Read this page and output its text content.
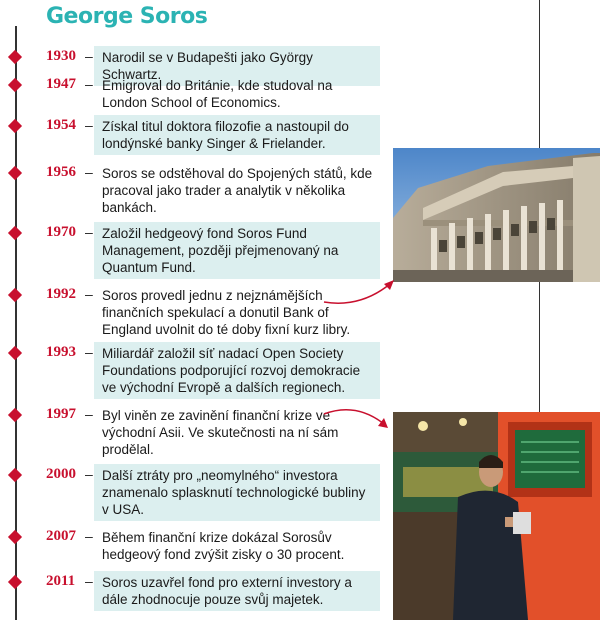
George Soros
1930 – Narodil se v Budapešti jako György Schwartz.
1947 – Emigroval do Británie, kde studoval na London School of Economics.
1954 – Získal titul doktora filozofie a nastoupil do londýnské banky Singer & Frielander.
1956 – Soros se odstěhoval do Spojených států, kde pracoval jako trader a analytik v několika bankách.
1970 – Založil hedgeový fond Soros Fund Management, později přejmenovaný na Quantum Fund.
1992 – Soros provedl jednu z nejznámějších finančních spekulací a donutil Bank of England uvolnit do té doby fixní kurz libry.
1993 – Miliardář založil síť nadací Open Society Foundations podporující rozvoj demokracie ve východní Evropě a dalších regionech.
1997 – Byl viněn ze zavinění finanční krize ve východní Asii. Ve skutečnosti na ní sám prodělal.
2000 – Další ztráty pro „neomylného“ investora znamenalo splasknutí technologické bubliny v USA.
2007 – Během finanční krize dokázal Sorosův hedgeový fond zvýšit zisky o 30 procent.
2011 – Soros uzavřel fond pro externí investory a dále zhodnocuje pouze svůj majetek.
